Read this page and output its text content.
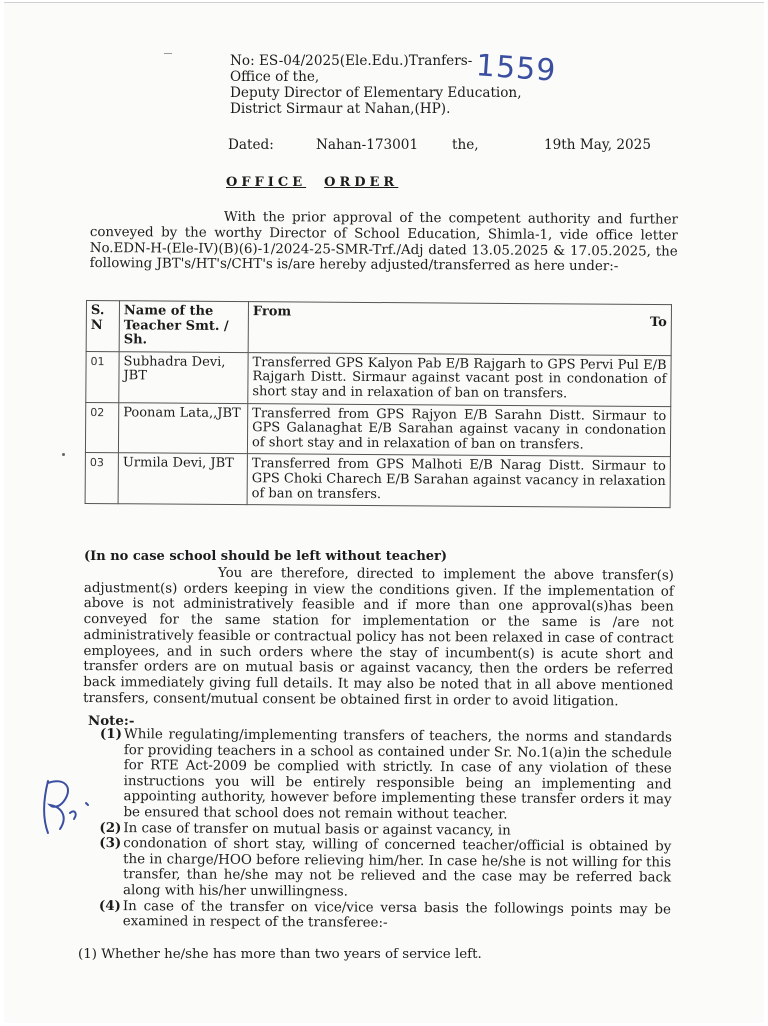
No: ES-04/2025(Ele.Edu.)Tranfers-
Office of the,
Deputy Director of Elementary Education,
District Sirmaur at Nahan,(HP).
1559
Dated:	Nahan-173001 the,	19th May, 2025
OFFICE ORDER
With the prior approval of the competent authority and further conveyed by the worthy Director of School Education, Shimla-1, vide office letter No.EDN-H-(Ele-IV)(B)(6)-1/2024-25-SMR-Trf./Adj dated 13.05.2025 & 17.05.2025, the following JBT's/HT's/CHT's is/are hereby adjusted/transferred as here under:-
S. N	Name of the Teacher Smt. / Sh.	From
To

01	Subhadra Devi, JBT	Transferred GPS Kalyon Pab E/B Rajgarh to GPS Pervi Pul E/B Rajgarh Distt. Sirmaur against vacant post in condonation of short stay and in relaxation of ban on transfers.
02	Poonam Lata,,JBT	Transferred from GPS Rajyon E/B Sarahn Distt. Sirmaur to GPS Galanaghat E/B Sarahan against vacany in condonation of short stay and in relaxation of ban on transfers.
03	Urmila Devi, JBT	Transferred from GPS Malhoti E/B Narag Distt. Sirmaur to GPS Choki Charech E/B Sarahan against vacancy in relaxation of ban on transfers.
(In no case school should be left without teacher)
You are therefore, directed to implement the above transfer(s) adjustment(s) orders keeping in view the conditions given. If the implementation of above is not administratively feasible and if more than one approval(s)has been conveyed for the same station for implementation or the same is /are not administratively feasible or contractual policy has not been relaxed in case of contract employees, and in such orders where the stay of incumbent(s) is acute short and transfer orders are on mutual basis or against vacancy, then the orders be referred back immediately giving full details. It may also be noted that in all above mentioned transfers, consent/mutual consent be obtained first in order to avoid litigation.
Note:-
(1) While regulating/implementing transfers of teachers, the norms and standards for providing teachers in a school as contained under Sr. No.1(a)in the schedule for RTE Act-2009 be complied with strictly. In case of any violation of these instructions you will be entirely responsible being an implementing and appointing authority, however before implementing these transfer orders it may be ensured that school does not remain without teacher.
(2) In case of transfer on mutual basis or against vacancy, in
(3) condonation of short stay, willing of concerned teacher/official is obtained by the in charge/HOO before relieving him/her. In case he/she is not willing for this transfer, than he/she may not be relieved and the case may be referred back along with his/her unwillingness.
(4) In case of the transfer on vice/vice versa basis the followings points may be examined in respect of the transferee:-
(1) Whether he/she has more than two years of service left.
